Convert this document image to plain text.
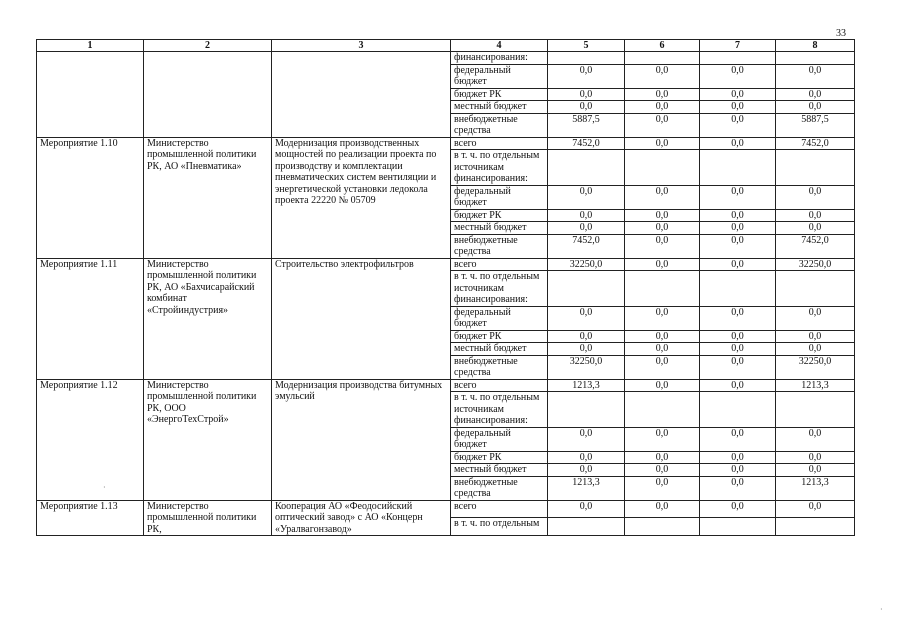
33
1	2	3	4	5	6	7	8
			финансирования:				
			федеральный бюджет	0,0	0,0	0,0	0,0
			бюджет РК	0,0	0,0	0,0	0,0
			местный бюджет	0,0	0,0	0,0	0,0
			внебюджетные средства	5887,5	0,0	0,0	5887,5
Мероприятие 1.10	Министерство промышленной политики РК, АО «Пневматика»	Модернизация производственных мощностей по реализации проекта по производству и комплектации пневматических систем вентиляции и энергетической установки ледокола проекта 22220 № 05709	всего	7452,0	0,0	0,0	7452,0
			в т. ч. по отдельным источникам финансирования:				
			федеральный бюджет	0,0	0,0	0,0	0,0
			бюджет РК	0,0	0,0	0,0	0,0
			местный бюджет	0,0	0,0	0,0	0,0
			внебюджетные средства	7452,0	0,0	0,0	7452,0
Мероприятие 1.11	Министерство промышленной политики РК, АО «Бахчисарайский комбинат «Стройиндустрия»	Строительство электрофильтров	всего	32250,0	0,0	0,0	32250,0
			в т. ч. по отдельным источникам финансирования:				
			федеральный бюджет	0,0	0,0	0,0	0,0
			бюджет РК	0,0	0,0	0,0	0,0
			местный бюджет	0,0	0,0	0,0	0,0
			внебюджетные средства	32250,0	0,0	0,0	32250,0
Мероприятие 1.12	Министерство промышленной политики РК, ООО «ЭнергоТехСтрой»	Модернизация производства битумных эмульсий	всего	1213,3	0,0	0,0	1213,3
			в т. ч. по отдельным источникам финансирования:				
			федеральный бюджет	0,0	0,0	0,0	0,0
			бюджет РК	0,0	0,0	0,0	0,0
			местный бюджет	0,0	0,0	0,0	0,0
			внебюджетные средства	1213,3	0,0	0,0	1213,3
Мероприятие 1.13	Министерство промышленной политики РК,	Кооперация АО «Феодосийский оптический завод» с АО «Концерн «Уралвагонзавод»	всего	0,0	0,0	0,0	0,0
			в т. ч. по отдельным				
·
·
